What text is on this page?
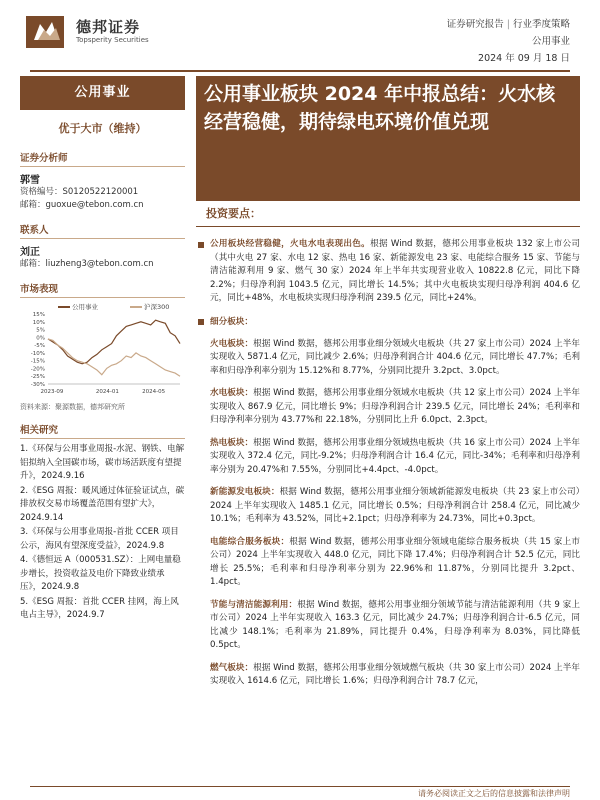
德邦证券
Topsperity Securities
证券研究报告 | 行业季度策略
公用事业
2024 年 09 月 18 日
公用事业
优于大市（维持）
证券分析师
郭雪
资格编号：S0120522120001
邮箱：guoxue@tebon.com.cn
联系人
刘正
邮箱：liuzheng3@tebon.com.cn
市场表现
公用事业	沪深300
15%
10%
5%
0%
-5%
-10%
-15%
-20%
-25%
-30%
2023-09	2024-01	2024-05
资料来源：聚源数据，德邦研究所
相关研究
1.《环保与公用事业周报-水泥、钢铁、电解铝拟纳入全国碳市场，碳市场活跃度有望提升》，2024.9.16
2.《ESG 周报：暖风通过体征验证试点，碳排放权交易市场覆盖范围有望扩大》，2024.9.14
3.《环保与公用事业周报-首批 CCER 项目公示，海风有望深度受益》，2024.9.8
4.《德恒远 A（000531.SZ）：上网电量稳步增长，投资收益及电价下降致业绩承压》，2024.9.8
5.《ESG 周报：首批 CCER 挂网，海上风电占主导》，2024.9.7
公用事业板块 2024 年中报总结：火水核经营稳健，期待绿电环境价值兑现
投资要点：
公用板块经营稳健，火电水电表现出色。根据 Wind 数据，德邦公用事业板块 132 家上市公司（其中火电 27 家、水电 12 家、热电 16 家、新能源发电 23 家、电能综合服务 15 家、节能与清洁能源利用 9 家、燃气 30 家）2024 年上半年共实现营业收入 10822.8 亿元，同比下降 2.2%；归母净利润 1043.5 亿元，同比增长 14.5%；其中火电板块实现归母净利润 404.6 亿元，同比+48%，水电板块实现归母净利润 239.5 亿元，同比+24%。
细分板块：
火电板块：根据 Wind 数据，德邦公用事业细分领域火电板块（共 27 家上市公司）2024 上半年实现收入 5871.4 亿元，同比减少 2.6%；归母净利润合计 404.6 亿元，同比增长 47.7%；毛利率和归母净利率分别为 15.12%和 8.77%，分别同比提升 3.2pct、3.0pct。
水电板块：根据 Wind 数据，德邦公用事业细分领域水电板块（共 12 家上市公司）2024 上半年实现收入 867.9 亿元，同比增长 9%；归母净利润合计 239.5 亿元，同比增长 24%；毛利率和归母净利率分别为 43.77%和 22.18%，分别同比上升 6.0pct、2.3pct。
热电板块：根据 Wind 数据，德邦公用事业细分领域热电板块（共 16 家上市公司）2024 上半年实现收入 372.4 亿元，同比-9.2%；归母净利润合计 16.4 亿元，同比-34%；毛利率和归母净利率分别为 20.47%和 7.55%，分别同比+4.4pct、-4.0pct。
新能源发电板块：根据 Wind 数据，德邦公用事业细分领域新能源发电板块（共 23 家上市公司）2024 上半年实现收入 1485.1 亿元，同比增长 0.5%；归母净利润合计 258.4 亿元，同比减少 10.1%；毛利率为 43.52%，同比+2.1pct；归母净利率为 24.73%，同比+0.3pct。
电能综合服务板块：根据 Wind 数据，德邦公用事业细分领域电能综合服务板块（共 15 家上市公司）2024 上半年实现收入 448.0 亿元，同比下降 17.4%；归母净利润合计 52.5 亿元，同比增长 25.5%；毛利率和归母净利率分别为 22.96%和 11.87%，分别同比提升 3.2pct、1.4pct。
节能与清洁能源利用：根据 Wind 数据，德邦公用事业细分领域节能与清洁能源利用（共 9 家上市公司）2024 上半年实现收入 163.3 亿元，同比减少 24.7%；归母净利润合计-6.5 亿元，同比减少 148.1%；毛利率为 21.89%，同比提升 0.4%，归母净利率为 8.03%，同比降低 0.5pct。
燃气板块：根据 Wind 数据，德邦公用事业细分领域燃气板块（共 30 家上市公司）2024 上半年实现收入 1614.6 亿元，同比增长 1.6%；归母净利润合计 78.7 亿元，
请务必阅读正文之后的信息披露和法律声明
